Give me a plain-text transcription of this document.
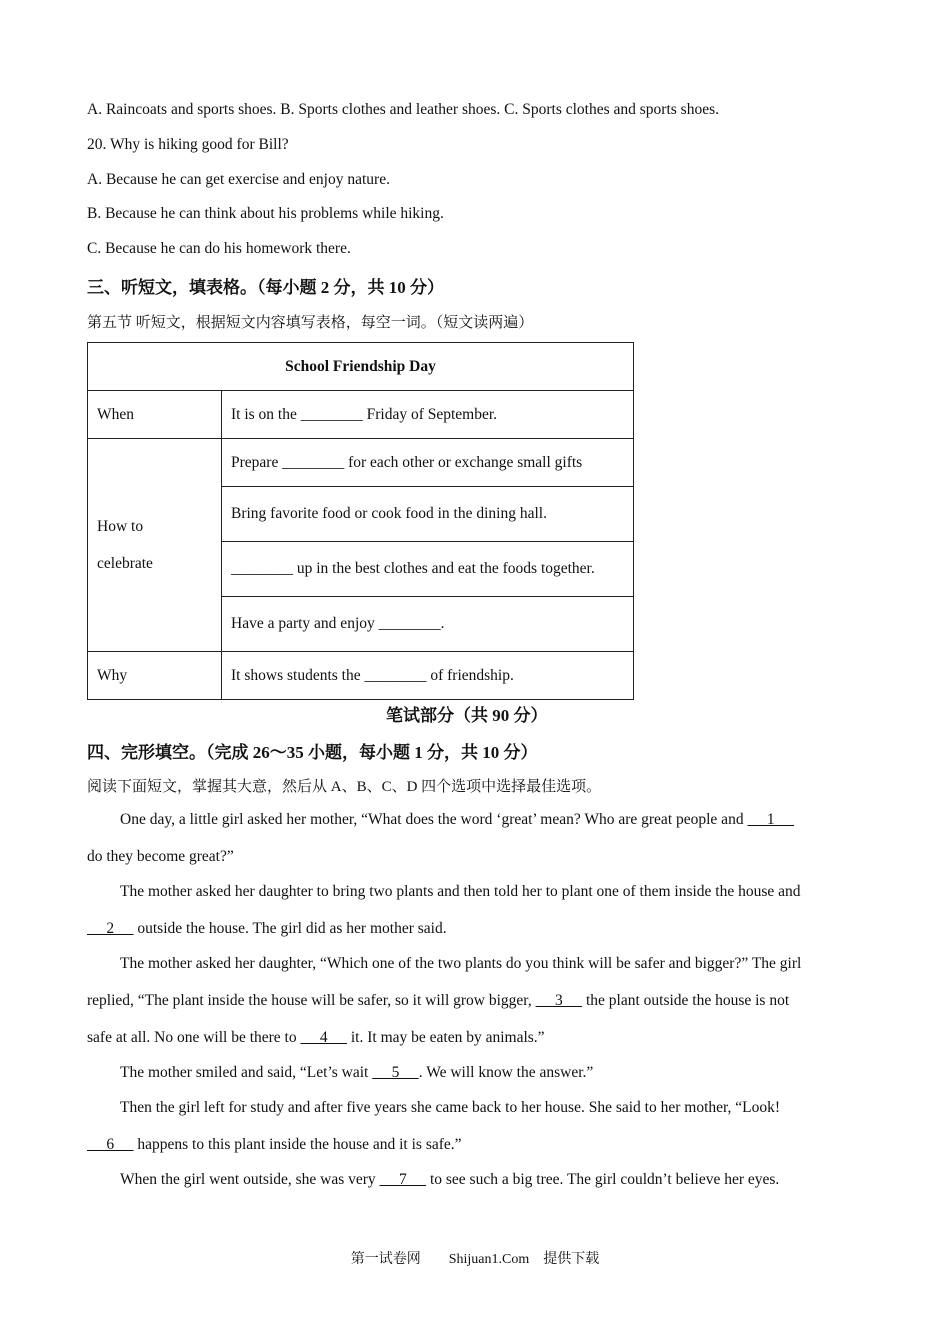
A. Raincoats and sports shoes. B. Sports clothes and leather shoes. C. Sports clothes and sports shoes.
20. Why is hiking good for Bill?
A. Because he can get exercise and enjoy nature.
B. Because he can think about his problems while hiking.
C. Because he can do his homework there.
三、听短文，填表格。（每小题 2 分，共 10 分）
第五节 听短文，根据短文内容填写表格，每空一词。（短文读两遍）
School Friendship Day	
When	It is on the ________ Friday of September.

How to
celebrate	Prepare ________ for each other or exchange small gifts
	Bring favorite food or cook food in the dining hall.
	________ up in the best clothes and eat the foods together.
	Have a party and enjoy ________.
Why	It shows students the ________ of friendship.
笔试部分（共 90 分）
四、完形填空。（完成 26～35 小题，每小题 1 分，共 10 分）
阅读下面短文，掌握其大意，然后从 A、B、C、D 四个选项中选择最佳选项。
One day, a little girl asked her mother, “What does the word ‘great’ mean? Who are great people and      1
do they become great?”
The mother asked her daughter to bring two plants and then told her to plant one of them inside the house and
2      outside the house. The girl did as her mother said.
The mother asked her daughter, “Which one of the two plants do you think will be safer and bigger?” The girl
replied, “The plant inside the house will be safer, so it will grow bigger,      3      the plant outside the house is not
safe at all. No one will be there to      4      it. It may be eaten by animals.”
The mother smiled and said, “Let’s wait      5     . We will know the answer.”
Then the girl left for study and after five years she came back to her house. She said to her mother, “Look!
6      happens to this plant inside the house and it is safe.”
When the girl went outside, she was very      7      to see such a big tree. The girl couldn’t believe her eyes.
第一试卷网　　Shijuan1.Com　提供下载
